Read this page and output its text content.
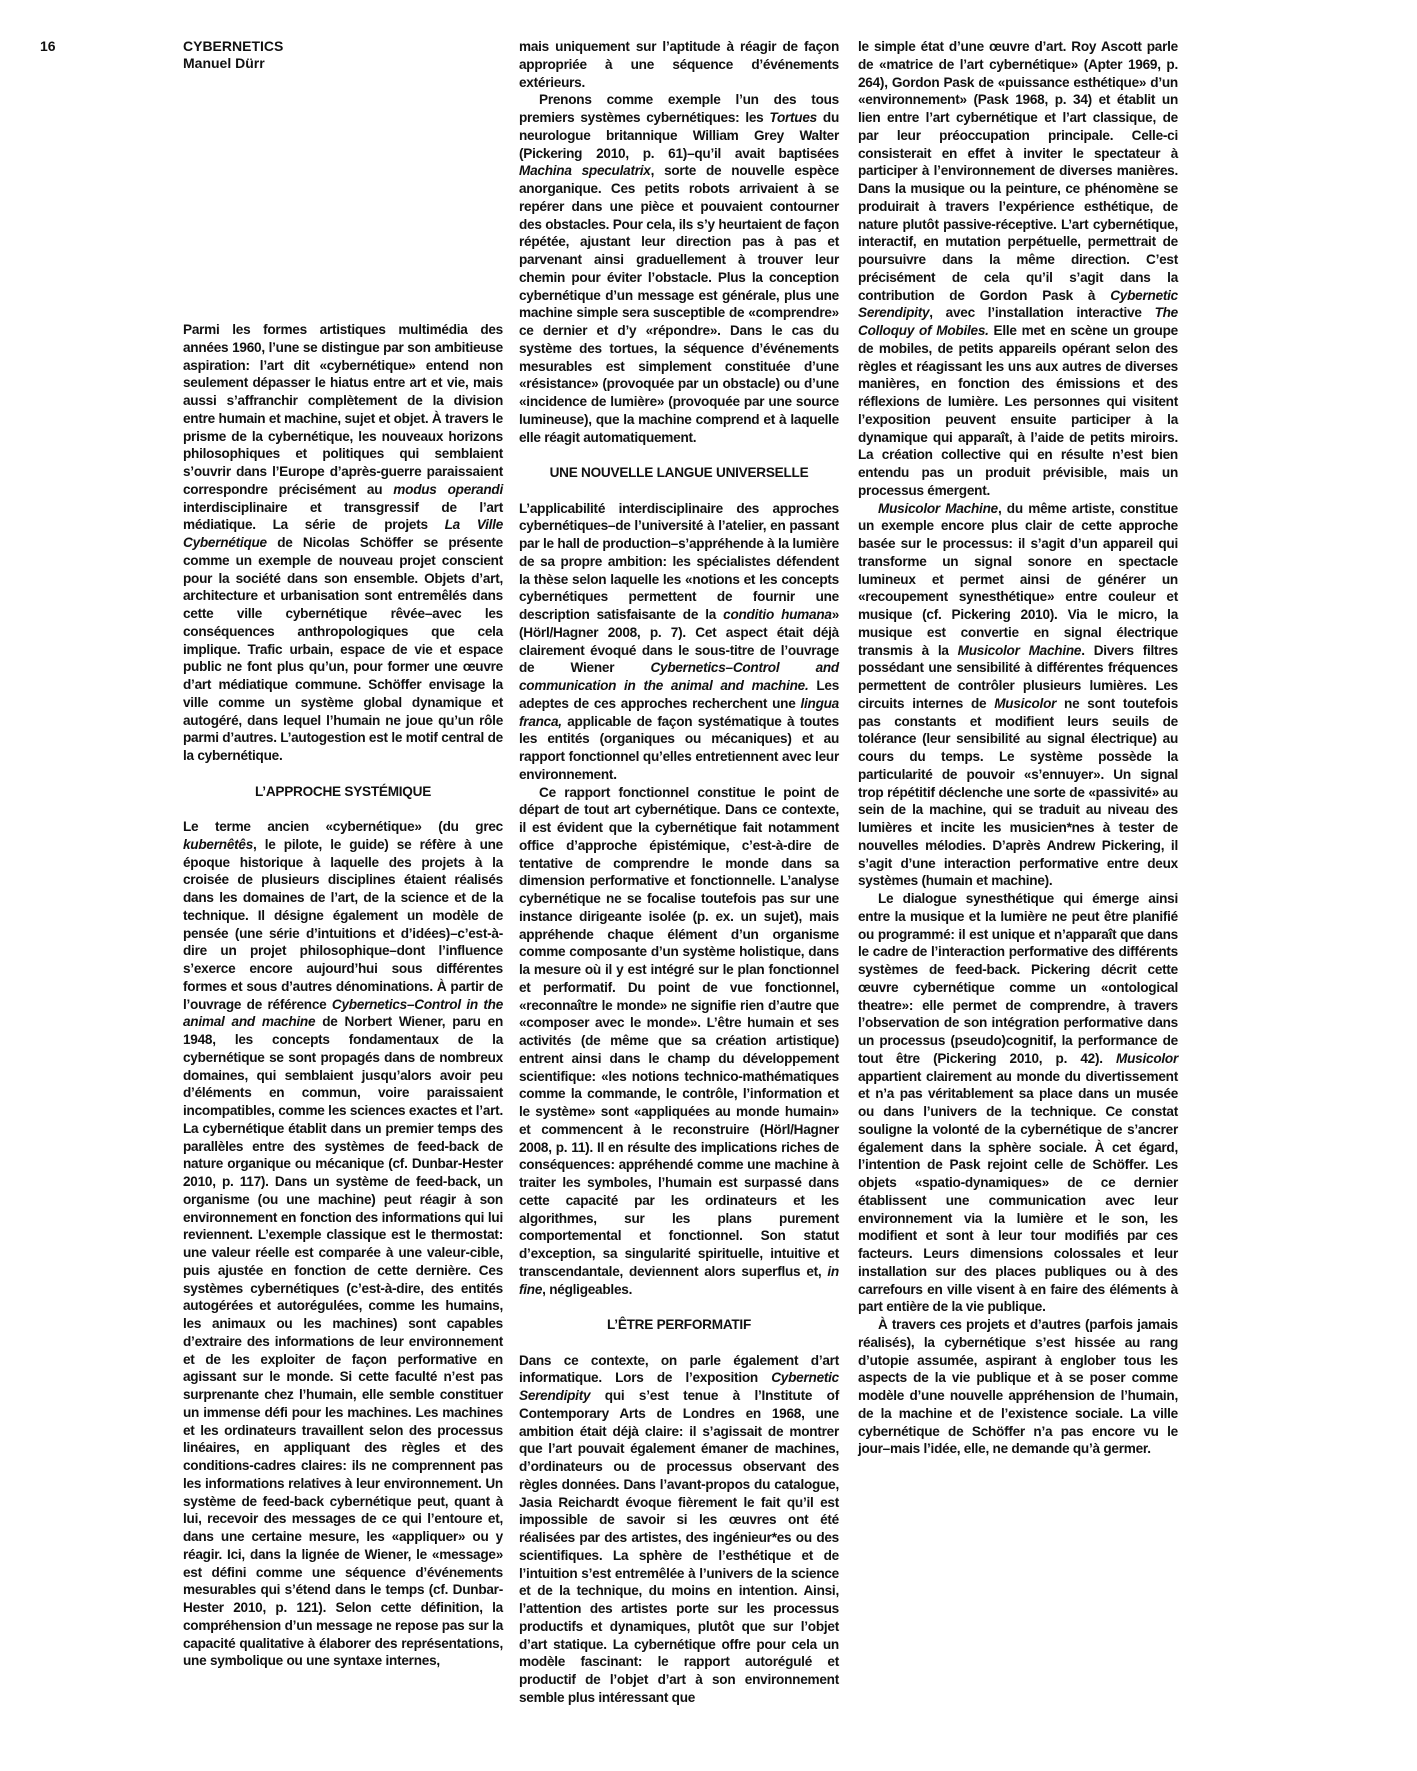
16	CYBERNETICS
Manuel Dürr

Parmi les formes artistiques multimédia des années 1960, l’une se distingue par son ambitieuse aspiration: l’art dit «cybernétique» entend non seulement dépasser le hiatus entre art et vie, mais aussi s’affranchir complètement de la division entre humain et machine, sujet et objet. À travers le prisme de la cybernétique, les nouveaux horizons philosophiques et politiques qui semblaient s’ouvrir dans l’Europe d’après-guerre paraissaient correspondre précisément au modus operandi interdisciplinaire et transgressif de l’art médiatique. La série de projets La Ville Cybernétique de Nicolas Schöffer se présente comme un exemple de nouveau projet conscient pour la société dans son ensemble. Objets d’art, architecture et urbanisation sont entremêlés dans cette ville cybernétique rêvée–avec les conséquences anthropologiques que cela implique. Trafic urbain, espace de vie et espace public ne font plus qu’un, pour former une œuvre d’art médiatique commune. Schöffer envisage la ville comme un système global dynamique et autogéré, dans lequel l’humain ne joue qu’un rôle parmi d’autres. L’autogestion est le motif central de la cybernétique.

L’APPROCHE SYSTÉMIQUE

Le terme ancien «cybernétique» (du grec kubernêtês, le pilote, le guide) se réfère à une époque historique à laquelle des projets à la croisée de plusieurs disciplines étaient réalisés dans les domaines de l’art, de la science et de la technique. Il désigne également un modèle de pensée (une série d’intuitions et d’idées)–c’est-à-dire un projet philosophique–dont l’influence s’exerce encore aujourd’hui sous différentes formes et sous d’autres dénominations. À partir de l’ouvrage de référence Cybernetics–Control in the animal and machine de Norbert Wiener, paru en 1948, les concepts fondamentaux de la cybernétique se sont propagés dans de nombreux domaines, qui semblaient jusqu’alors avoir peu d’éléments en commun, voire paraissaient incompatibles, comme les sciences exactes et l’art. La cybernétique établit dans un premier temps des parallèles entre des systèmes de feed-back de nature organique ou mécanique (cf. Dunbar-Hester 2010, p. 117). Dans un système de feed-back, un organisme (ou une machine) peut réagir à son environnement en fonction des informations qui lui reviennent. L’exemple classique est le thermostat: une valeur réelle est comparée à une valeur-cible, puis ajustée en fonction de cette dernière. Ces systèmes cybernétiques (c’est-à-dire, des entités autogérées et autorégulées, comme les humains, les animaux ou les machines) sont capables d’extraire des informations de leur environnement et de les exploiter de façon performative en agissant sur le monde. Si cette faculté n’est pas surprenante chez l’humain, elle semble constituer un immense défi pour les machines. Les machines et les ordinateurs travaillent selon des processus linéaires, en appliquant des règles et des conditions-cadres claires: ils ne comprennent pas les informations relatives à leur environnement. Un système de feed-back cybernétique peut, quant à lui, recevoir des messages de ce qui l’entoure et, dans une certaine mesure, les «appliquer» ou y réagir. Ici, dans la lignée de Wiener, le «message» est défini comme une séquence d’événements mesurables qui s’étend dans le temps (cf. Dunbar-Hester 2010, p. 121). Selon cette définition, la compréhension d’un message ne repose pas sur la capacité qualitative à élaborer des représentations, une symbolique ou une syntaxe internes,

mais uniquement sur l’aptitude à réagir de façon appropriée à une séquence d’événements extérieurs.

Prenons comme exemple l’un des tous premiers systèmes cybernétiques: les Tortues du neurologue britannique William Grey Walter (Pickering 2010, p. 61)–qu’il avait baptisées Machina speculatrix, sorte de nouvelle espèce anorganique. Ces petits robots arrivaient à se repérer dans une pièce et pouvaient contourner des obstacles. Pour cela, ils s’y heurtaient de façon répétée, ajustant leur direction pas à pas et parvenant ainsi graduellement à trouver leur chemin pour éviter l’obstacle. Plus la conception cybernétique d’un message est générale, plus une machine simple sera susceptible de «comprendre» ce dernier et d’y «répondre». Dans le cas du système des tortues, la séquence d’événements mesurables est simplement constituée d’une «résistance» (provoquée par un obstacle) ou d’une «incidence de lumière» (provoquée par une source lumineuse), que la machine comprend et à laquelle elle réagit automatiquement.

UNE NOUVELLE LANGUE UNIVERSELLE

L’applicabilité interdisciplinaire des approches cybernétiques–de l’université à l’atelier, en passant par le hall de production–s’appréhende à la lumière de sa propre ambition: les spécialistes défendent la thèse selon laquelle les «notions et les concepts cybernétiques permettent de fournir une description satisfaisante de la conditio humana» (Hörl/Hagner 2008, p. 7). Cet aspect était déjà clairement évoqué dans le sous-titre de l’ouvrage de Wiener Cybernetics–Control and communication in the animal and machine. Les adeptes de ces approches recherchent une lingua franca, applicable de façon systématique à toutes les entités (organiques ou mécaniques) et au rapport fonctionnel qu’elles entretiennent avec leur environnement.

Ce rapport fonctionnel constitue le point de départ de tout art cybernétique. Dans ce contexte, il est évident que la cybernétique fait notamment office d’approche épistémique, c’est-à-dire de tentative de comprendre le monde dans sa dimension performative et fonctionnelle. L’analyse cybernétique ne se focalise toutefois pas sur une instance dirigeante isolée (p. ex. un sujet), mais appréhende chaque élément d’un organisme comme composante d’un système holistique, dans la mesure où il y est intégré sur le plan fonctionnel et performatif. Du point de vue fonctionnel, «reconnaître le monde» ne signifie rien d’autre que «composer avec le monde». L’être humain et ses activités (de même que sa création artistique) entrent ainsi dans le champ du développement scientifique: «les notions technico-mathématiques comme la commande, le contrôle, l’information et le système» sont «appliquées au monde humain» et commencent à le reconstruire (Hörl/Hagner 2008, p. 11). Il en résulte des implications riches de conséquences: appréhendé comme une machine à traiter les symboles, l’humain est surpassé dans cette capacité par les ordinateurs et les algorithmes, sur les plans purement comportemental et fonctionnel. Son statut d’exception, sa singularité spirituelle, intuitive et transcendantale, deviennent alors superflus et, in fine, négligeables.

L’ÊTRE PERFORMATIF

Dans ce contexte, on parle également d’art informatique. Lors de l’exposition Cybernetic Serendipity qui s’est tenue à l’Institute of Contemporary Arts de Londres en 1968, une ambition était déjà claire: il s’agissait de montrer que l’art pouvait également émaner de machines, d’ordinateurs ou de processus observant des règles données. Dans l’avant-propos du catalogue, Jasia Reichardt évoque fièrement le fait qu’il est impossible de savoir si les œuvres ont été réalisées par des artistes, des ingénieur*es ou des scientifiques. La sphère de l’esthétique et de l’intuition s’est entremêlée à l’univers de la science et de la technique, du moins en intention. Ainsi, l’attention des artistes porte sur les processus productifs et dynamiques, plutôt que sur l’objet d’art statique. La cybernétique offre pour cela un modèle fascinant: le rapport autorégulé et productif de l’objet d’art à son environnement semble plus intéressant que

le simple état d’une œuvre d’art. Roy Ascott parle de «matrice de l’art cybernétique» (Apter 1969, p. 264), Gordon Pask de «puissance esthétique» d’un «environnement» (Pask 1968, p. 34) et établit un lien entre l’art cybernétique et l’art classique, de par leur préoccupation principale. Celle-ci consisterait en effet à inviter le spectateur à participer à l’environnement de diverses manières. Dans la musique ou la peinture, ce phénomène se produirait à travers l’expérience esthétique, de nature plutôt passive-réceptive. L’art cybernétique, interactif, en mutation perpétuelle, permettrait de poursuivre dans la même direction. C’est précisément de cela qu’il s’agit dans la contribution de Gordon Pask à Cybernetic Serendipity, avec l’installation interactive The Colloquy of Mobiles. Elle met en scène un groupe de mobiles, de petits appareils opérant selon des règles et réagissant les uns aux autres de diverses manières, en fonction des émissions et des réflexions de lumière. Les personnes qui visitent l’exposition peuvent ensuite participer à la dynamique qui apparaît, à l’aide de petits miroirs. La création collective qui en résulte n’est bien entendu pas un produit prévisible, mais un processus émergent.

Musicolor Machine, du même artiste, constitue un exemple encore plus clair de cette approche basée sur le processus: il s’agit d’un appareil qui transforme un signal sonore en spectacle lumineux et permet ainsi de générer un «recoupement synesthétique» entre couleur et musique (cf. Pickering 2010). Via le micro, la musique est convertie en signal électrique transmis à la Musicolor Machine. Divers filtres possédant une sensibilité à différentes fréquences permettent de contrôler plusieurs lumières. Les circuits internes de Musicolor ne sont toutefois pas constants et modifient leurs seuils de tolérance (leur sensibilité au signal électrique) au cours du temps. Le système possède la particularité de pouvoir «s’ennuyer». Un signal trop répétitif déclenche une sorte de «passivité» au sein de la machine, qui se traduit au niveau des lumières et incite les musicien*nes à tester de nouvelles mélodies. D’après Andrew Pickering, il s’agit d’une interaction performative entre deux systèmes (humain et machine).

Le dialogue synesthétique qui émerge ainsi entre la musique et la lumière ne peut être planifié ou programmé: il est unique et n’apparaît que dans le cadre de l’interaction performative des différents systèmes de feed-back. Pickering décrit cette œuvre cybernétique comme un «ontological theatre»: elle permet de comprendre, à travers l’observation de son intégration performative dans un processus (pseudo)cognitif, la performance de tout être (Pickering 2010, p. 42). Musicolor appartient clairement au monde du divertissement et n’a pas véritablement sa place dans un musée ou dans l’univers de la technique. Ce constat souligne la volonté de la cybernétique de s’ancrer également dans la sphère sociale. À cet égard, l’intention de Pask rejoint celle de Schöffer. Les objets «spatio-dynamiques» de ce dernier établissent une communication avec leur environnement via la lumière et le son, les modifient et sont à leur tour modifiés par ces facteurs. Leurs dimensions colossales et leur installation sur des places publiques ou à des carrefours en ville visent à en faire des éléments à part entière de la vie publique.

À travers ces projets et d’autres (parfois jamais réalisés), la cybernétique s’est hissée au rang d’utopie assumée, aspirant à englober tous les aspects de la vie publique et à se poser comme modèle d’une nouvelle appréhension de l’humain, de la machine et de l’existence sociale. La ville cybernétique de Schöffer n’a pas encore vu le jour–mais l’idée, elle, ne demande qu’à germer.
